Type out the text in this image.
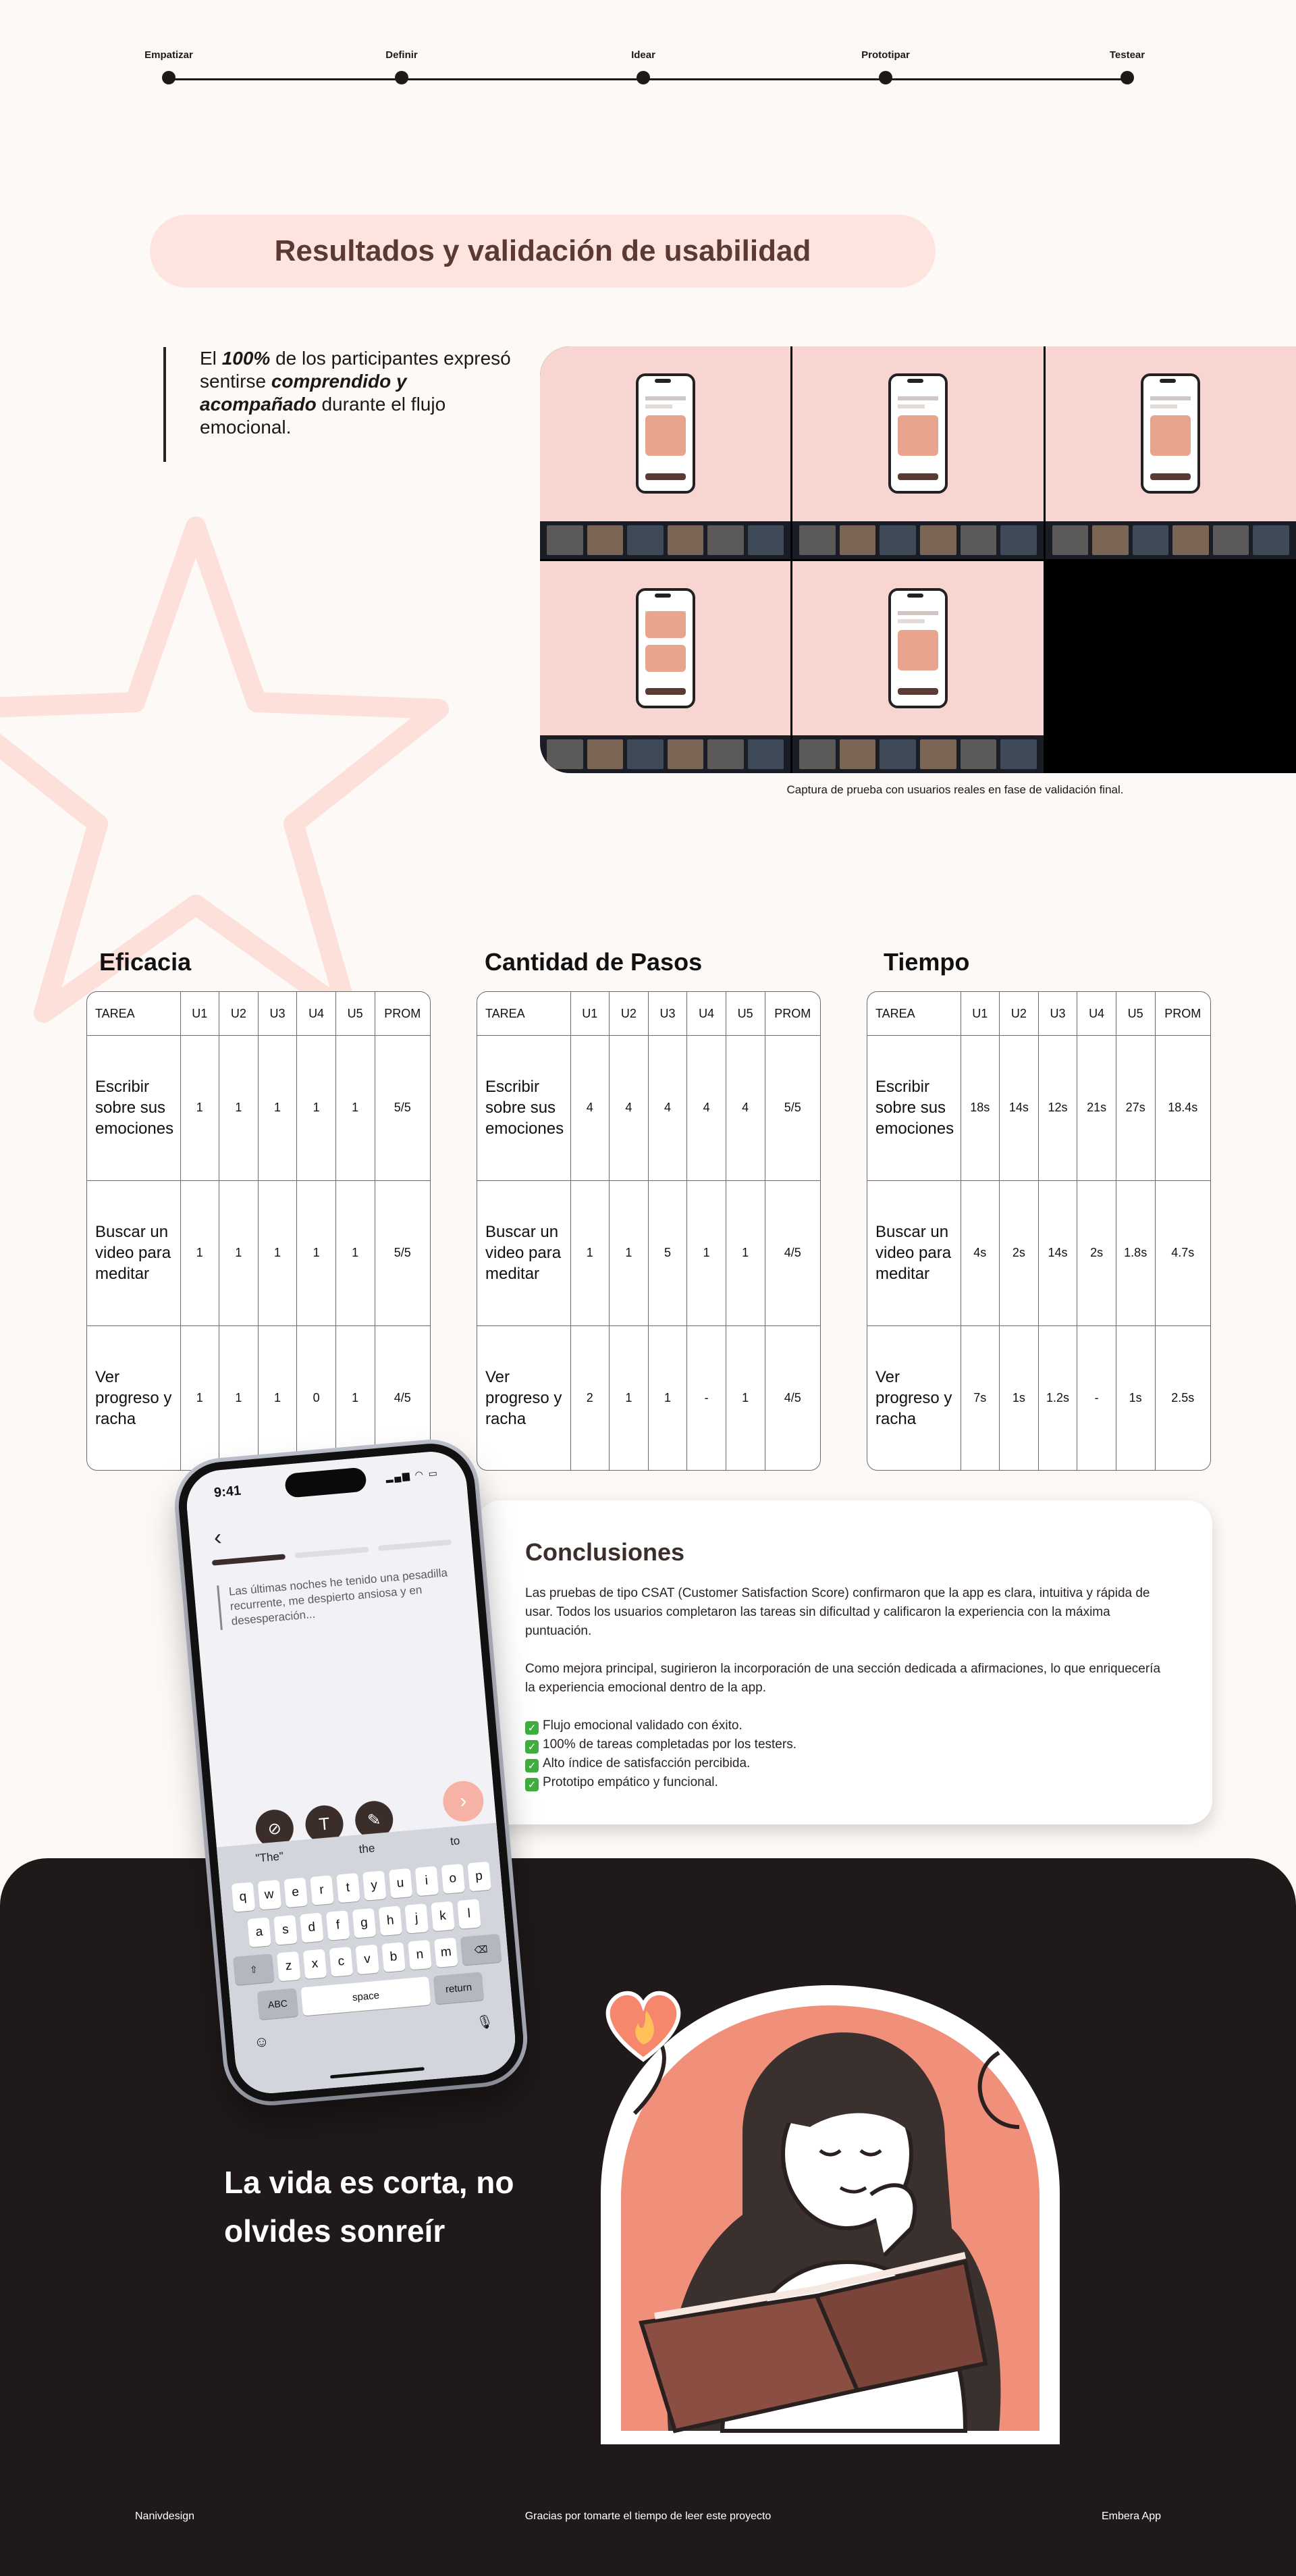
Empatizar	Definir	Idear	Prototipar	Testear
Resultados y validación de usabilidad
El 100% de los participantes expresó sentirse comprendido y acompañado durante el flujo emocional.
Captura de prueba con usuarios reales en fase de validación final.
Eficacia	Cantidad de Pasos	Tiempo
TAREA	U1	U2	U3	U4	U5	PROM
Escribir sobre sus emociones	1	1	1	1	1	5/5
Buscar un video para meditar	1	1	1	1	1	5/5
Ver progreso y racha	1	1	1	0	1	4/5
TAREA	U1	U2	U3	U4	U5	PROM
Escribir sobre sus emociones	4	4	4	4	4	5/5
Buscar un video para meditar	1	1	5	1	1	4/5
Ver progreso y racha	2	1	1	-	1	4/5
TAREA	U1	U2	U3	U4	U5	PROM
Escribir sobre sus emociones	18s	14s	12s	21s	27s	18.4s
Buscar un video para meditar	4s	2s	14s	2s	1.8s	4.7s
Ver progreso y racha	7s	1s	1.2s	-	1s	2.5s
Conclusiones

Las pruebas de tipo CSAT (Customer Satisfaction Score) confirmaron que la app es clara, intuitiva y rápida de usar. Todos los usuarios completaron las tareas sin dificultad y calificaron la experiencia con la máxima puntuación.

Como mejora principal, sugirieron la incorporación de una sección dedicada a afirmaciones, lo que enriquecería la experiencia emocional dentro de la app.

✓ Flujo emocional validado con éxito.
✓ 100% de tareas completadas por los testers.
✓ Alto índice de satisfacción percibida.
✓ Prototipo empático y funcional.
La vida es corta, no olvides sonreír
Nanivdesign	Gracias por tomarte el tiempo de leer este proyecto	Embera App
9:41
▂▄▆ ◠ ▭
‹
Las últimas noches he tenido una pesadilla recurrente, me despierto ansiosa y en desesperación...
⊘	T	✎
›
"The"
the
to
q	w	e	r	t	y	u	i	o	p
a	s	d	f	g	h	j	k	l
⇧	z	x	c	v	b	n	m	⌫
ABC
space
return
☺
🎙
